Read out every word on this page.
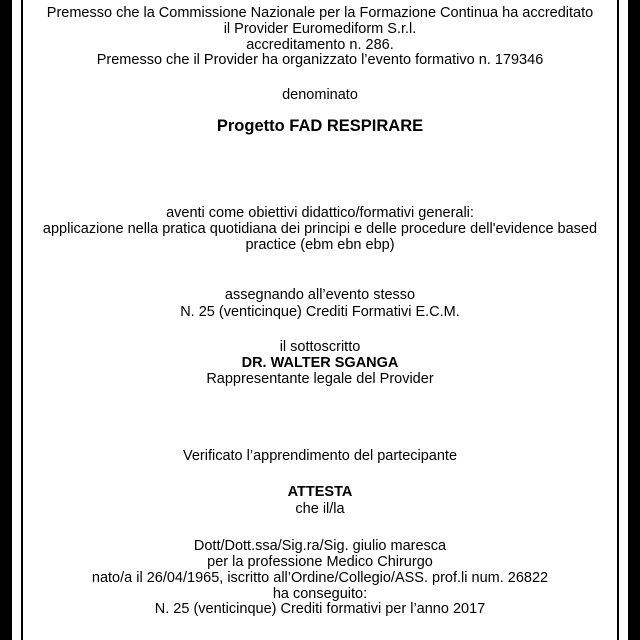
Premesso che la Commissione Nazionale per la Formazione Continua ha accreditato
il Provider Euromediform S.r.l.
accreditamento n. 286.
Premesso che il Provider ha organizzato l’evento formativo n. 179346
denominato
Progetto FAD RESPIRARE
aventi come obiettivi didattico/formativi generali:
applicazione nella pratica quotidiana dei principi e delle procedure dell'evidence based
practice (ebm ebn ebp)
assegnando all’evento stesso
N. 25 (venticinque) Crediti Formativi E.C.M.
il sottoscritto
DR. WALTER SGANGA
Rappresentante legale del Provider
Verificato l’apprendimento del partecipante
ATTESTA
che il/la
Dott/Dott.ssa/Sig.ra/Sig. giulio maresca
per la professione Medico Chirurgo
nato/a il 26/04/1965, iscritto all’Ordine/Collegio/ASS. prof.li num. 26822
ha conseguito:
N. 25 (venticinque) Crediti formativi per l’anno 2017
